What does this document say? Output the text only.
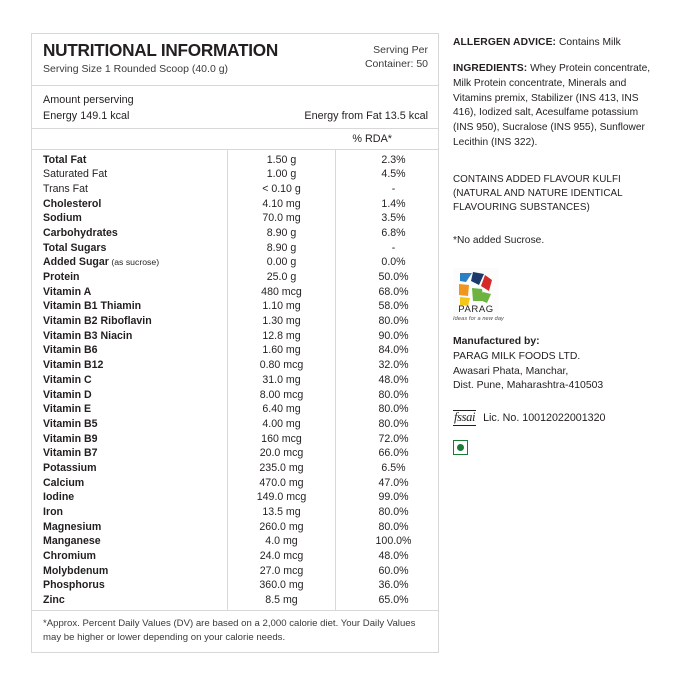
NUTRITIONAL INFORMATION
Serving Size 1 Rounded Scoop (40.0 g)
Serving Per
Container: 50
Amount perserving
Energy 149.1 kcal	Energy from Fat 13.5 kcal
% RDA*
Total Fat	1.50 g	2.3%
Saturated Fat	1.00 g	4.5%
Trans Fat	< 0.10 g	-
Cholesterol	4.10 mg	1.4%
Sodium	70.0 mg	3.5%
Carbohydrates	8.90 g	6.8%
Total Sugars	8.90 g	-
Added Sugar (as sucrose)	0.00 g	0.0%
Protein	25.0 g	50.0%
Vitamin A	480 mcg	68.0%
Vitamin B1 Thiamin	1.10 mg	58.0%
Vitamin B2 Riboflavin	1.30 mg	80.0%
Vitamin B3 Niacin	12.8 mg	90.0%
Vitamin B6	1.60 mg	84.0%
Vitamin B12	0.80 mcg	32.0%
Vitamin C	31.0 mg	48.0%
Vitamin D	8.00 mcg	80.0%
Vitamin E	6.40 mg	80.0%
Vitamin B5	4.00 mg	80.0%
Vitamin B9	160 mcg	72.0%
Vitamin B7	20.0 mcg	66.0%
Potassium	235.0 mg	6.5%
Calcium	470.0 mg	47.0%
Iodine	149.0 mcg	99.0%
Iron	13.5 mg	80.0%
Magnesium	260.0 mg	80.0%
Manganese	4.0 mg	100.0%
Chromium	24.0 mcg	48.0%
Molybdenum	27.0 mcg	60.0%
Phosphorus	360.0 mg	36.0%
Zinc	8.5 mg	65.0%
*Approx. Percent Daily Values (DV) are based on a 2,000 calorie diet. Your Daily Values may be higher or lower depending on your calorie needs.
ALLERGEN ADVICE: Contains Milk
INGREDIENTS: Whey Protein concentrate, Milk Protein concentrate, Minerals and Vitamins premix, Stabilizer (INS 413, INS 416), Iodized salt, Acesulfame potassium (INS 950), Sucralose (INS 955), Sunflower Lecithin (INS 322).
CONTAINS ADDED FLAVOUR KULFI (NATURAL AND NATURE IDENTICAL FLAVOURING SUBSTANCES)
*No added Sucrose.
PARAG
Ideas for a new day
Manufactured by:
PARAG MILK FOODS LTD.
Awasari Phata, Manchar,
Dist. Pune, Maharashtra-410503
fssai Lic. No. 10012022001320
